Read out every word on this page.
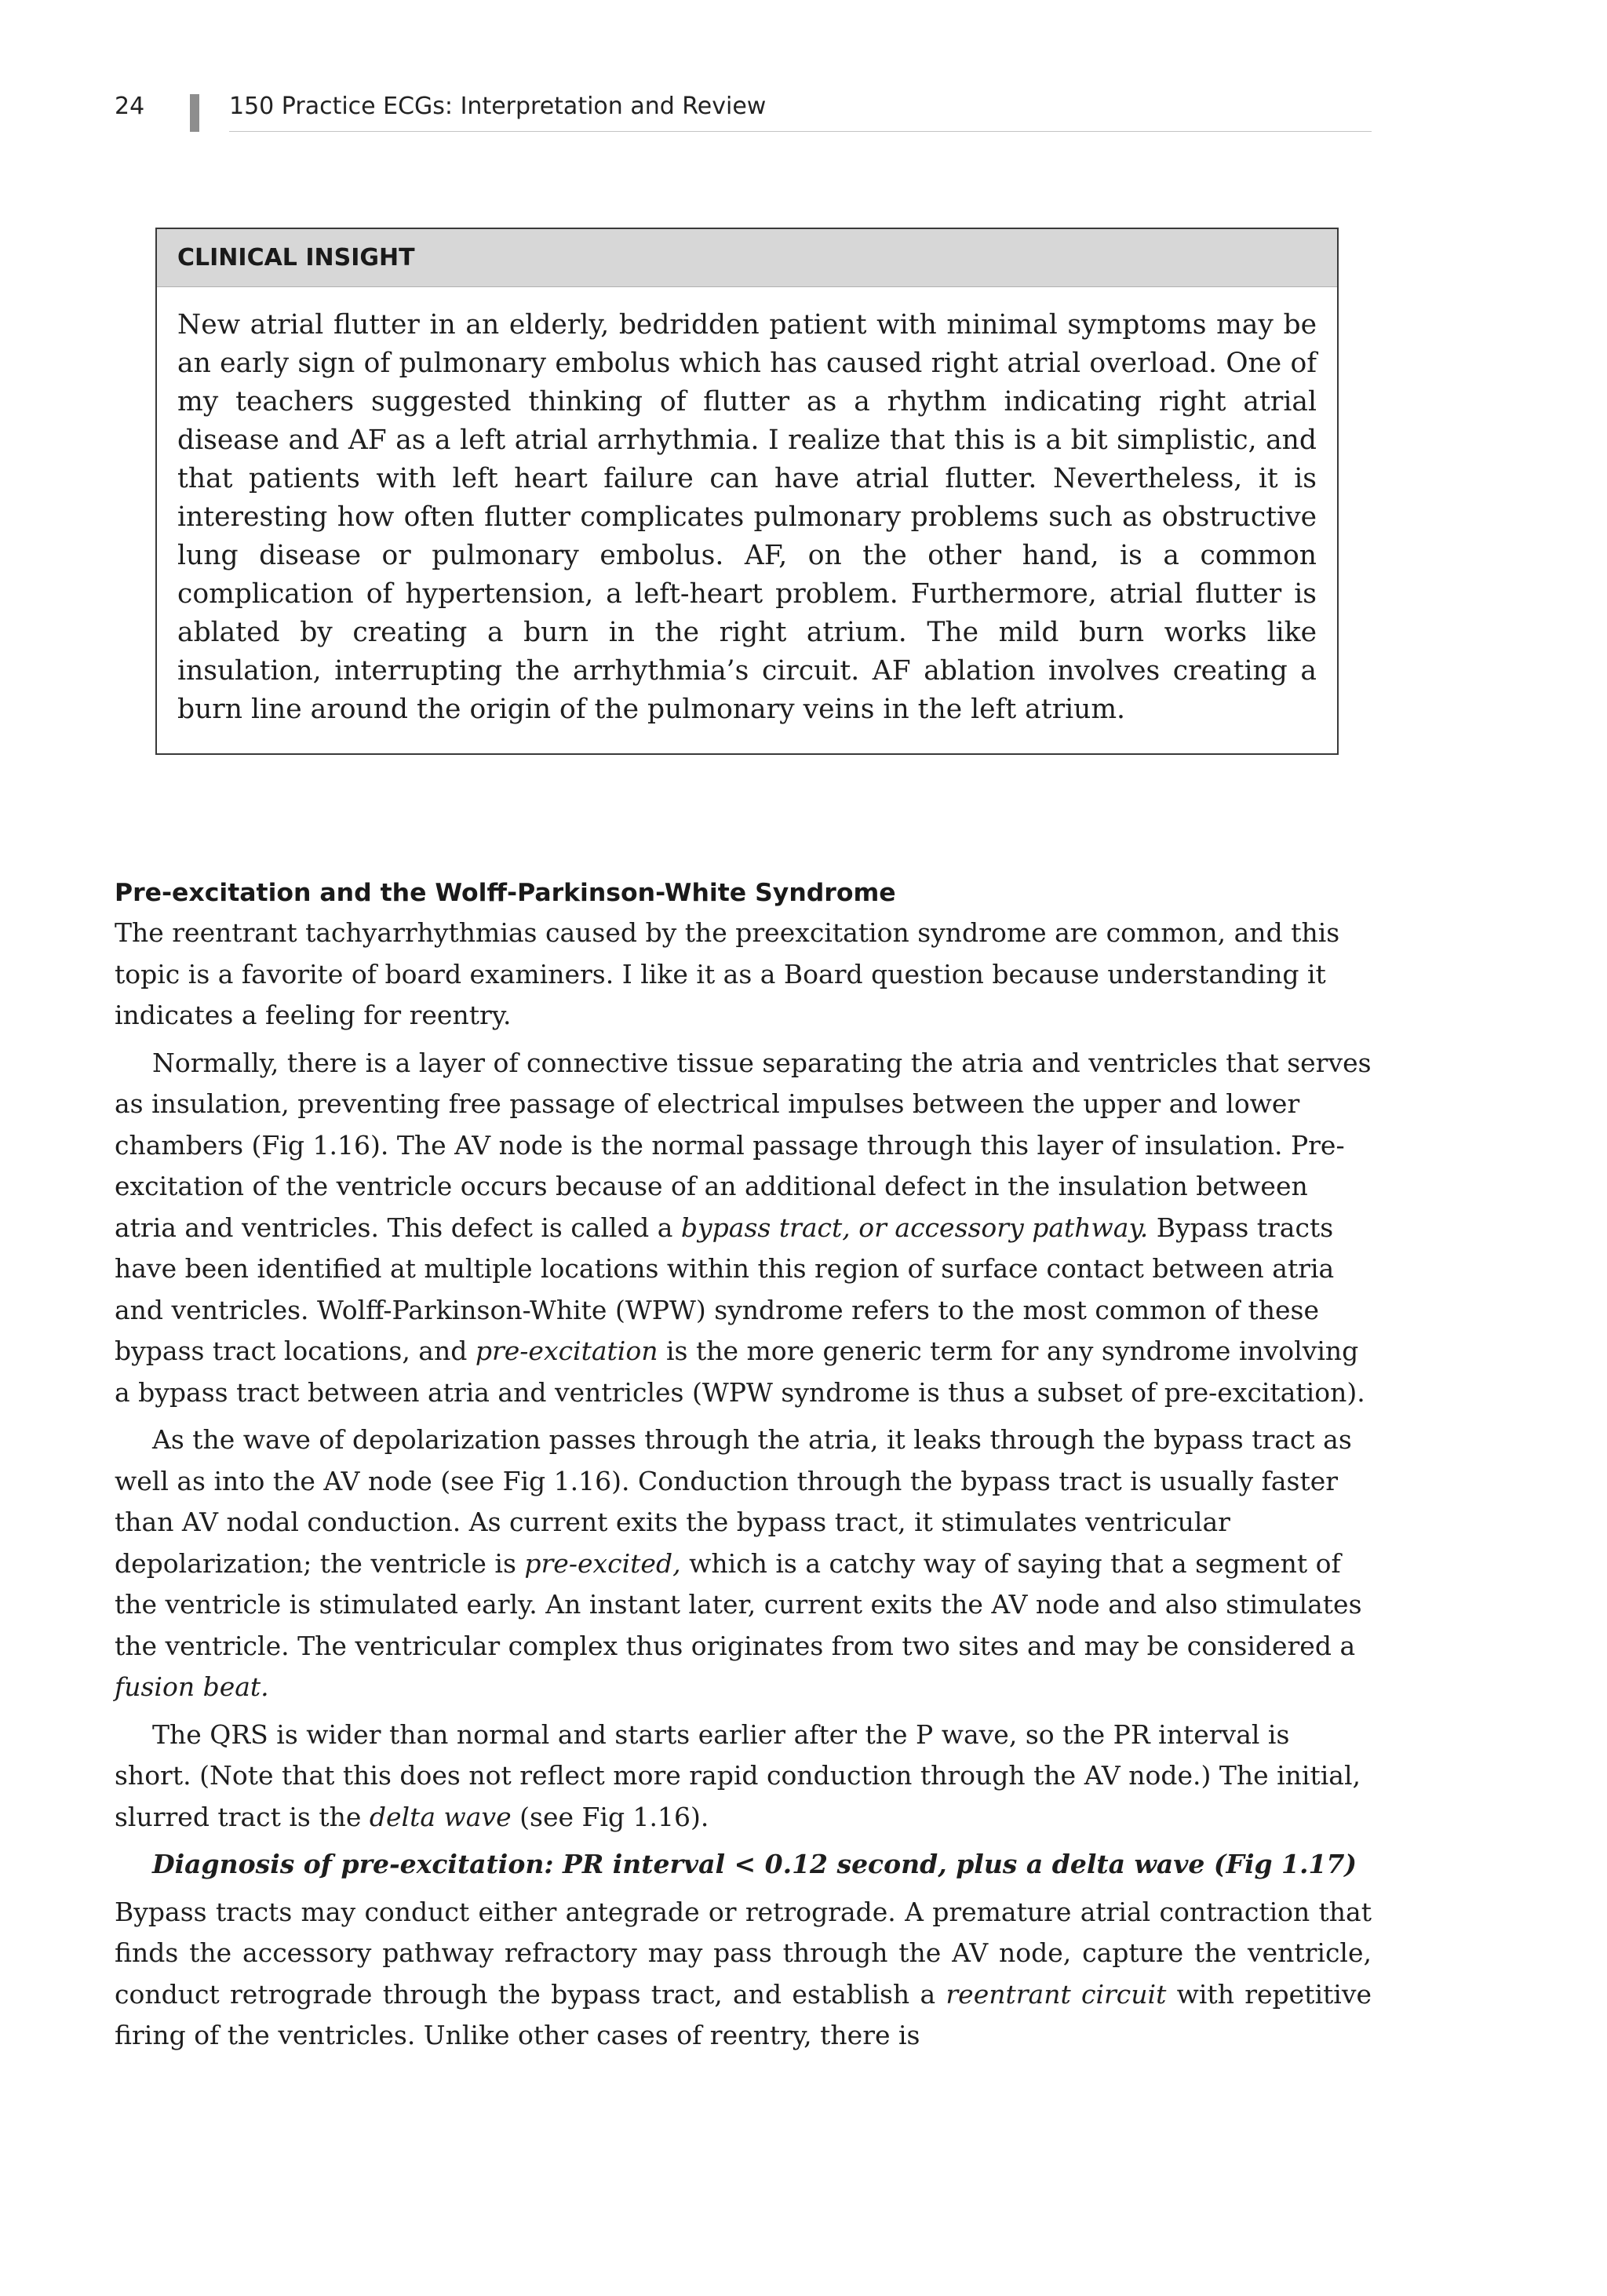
24	150 Practice ECGs: Interpretation and Review
CLINICAL INSIGHT
New atrial flutter in an elderly, bedridden patient with minimal symptoms may be an early sign of pulmonary embolus which has caused right atrial overload. One of my teachers suggested thinking of flutter as a rhythm indicating right atrial disease and AF as a left atrial arrhythmia. I realize that this is a bit simplistic, and that patients with left heart failure can have atrial flutter. Nevertheless, it is interesting how often flutter complicates pulmonary problems such as obstructive lung disease or pulmonary embolus. AF, on the other hand, is a common complication of hypertension, a left-heart problem. Furthermore, atrial flutter is ablated by creating a burn in the right atrium. The mild burn works like insulation, interrupting the arrhythmia’s circuit. AF ablation involves creating a burn line around the origin of the pulmonary veins in the left atrium.
Pre-excitation and the Wolff-Parkinson-White Syndrome

The reentrant tachyarrhythmias caused by the preexcitation syndrome are common, and this topic is a favorite of board examiners. I like it as a Board question because understanding it indicates a feeling for reentry.

Normally, there is a layer of connective tissue separating the atria and ventricles that serves as insulation, preventing free passage of electrical impulses between the upper and lower chambers (Fig 1.16). The AV node is the normal passage through this layer of insulation. Pre-excitation of the ventricle occurs because of an additional defect in the insulation between atria and ventricles. This defect is called a bypass tract, or accessory pathway. Bypass tracts have been identified at multiple locations within this region of surface contact between atria and ventricles. Wolff-Parkinson-White (WPW) syndrome refers to the most common of these bypass tract locations, and pre-excitation is the more generic term for any syndrome involving a bypass tract between atria and ventricles (WPW syndrome is thus a subset of pre-excitation).

As the wave of depolarization passes through the atria, it leaks through the bypass tract as well as into the AV node (see Fig 1.16). Conduction through the bypass tract is usually faster than AV nodal conduction. As current exits the bypass tract, it stimulates ventricular depolarization; the ventricle is pre-excited, which is a catchy way of saying that a segment of the ventricle is stimulated early. An instant later, current exits the AV node and also stimulates the ventricle. The ventricular complex thus originates from two sites and may be considered a fusion beat.

The QRS is wider than normal and starts earlier after the P wave, so the PR interval is short. (Note that this does not reflect more rapid conduction through the AV node.) The initial, slurred tract is the delta wave (see Fig 1.16).

Diagnosis of pre-excitation: PR interval < 0.12 second, plus a delta wave (Fig 1.17)

Bypass tracts may conduct either antegrade or retrograde. A premature atrial contraction that finds the accessory pathway refractory may pass through the AV node, capture the ventricle, conduct retrograde through the bypass tract, and establish a reentrant circuit with repetitive firing of the ventricles. Unlike other cases of reentry, there is
